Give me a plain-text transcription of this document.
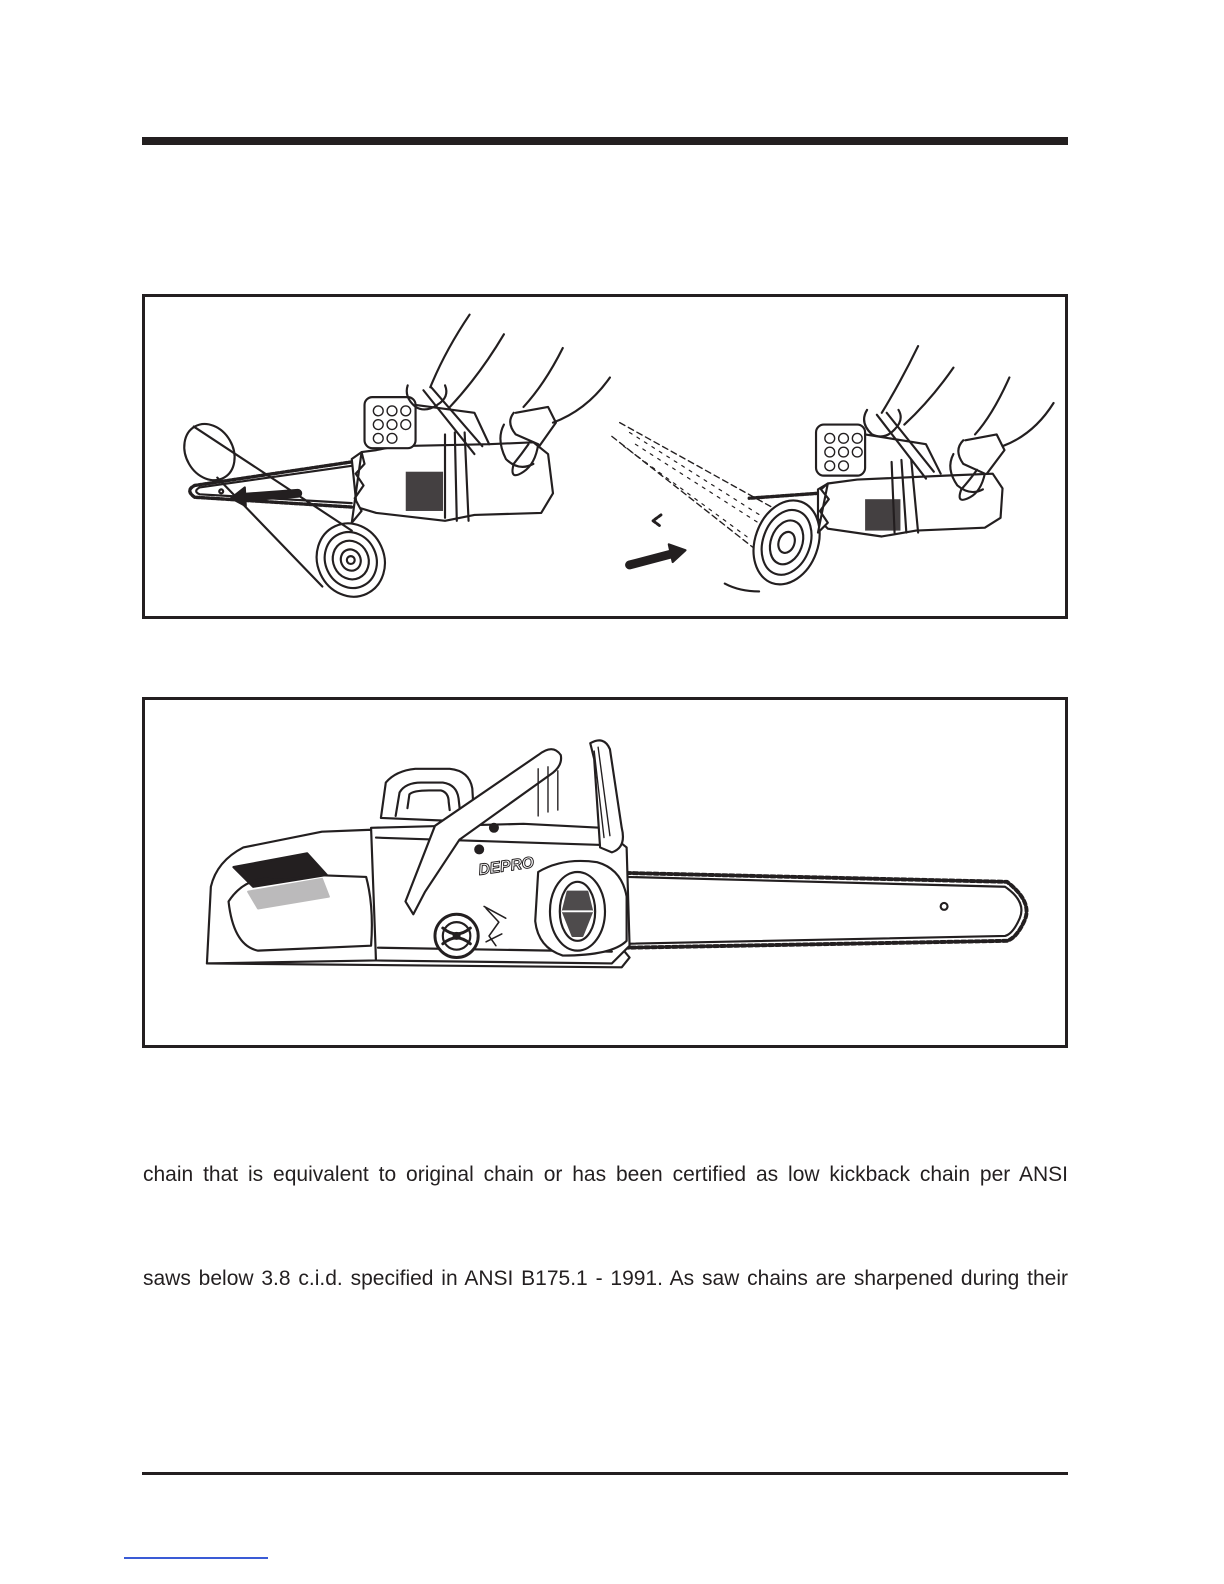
DEPRO
chain that is equivalent to original chain or has been certified as low kickback chain per ANSI
saws below 3.8 c.i.d. specified in ANSI B175.1 - 1991. As saw chains are sharpened during their
